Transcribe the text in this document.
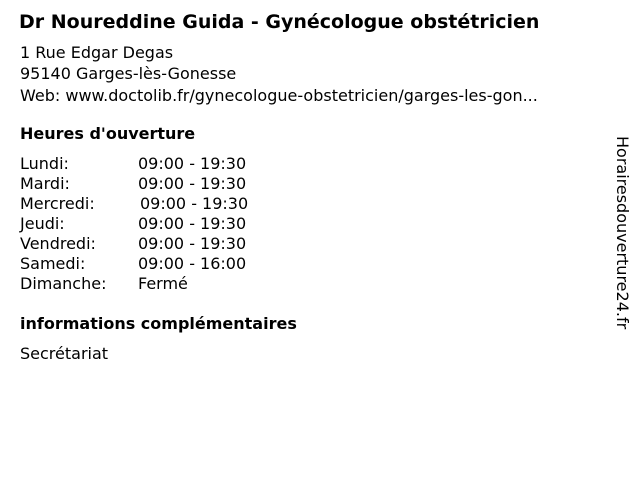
Dr Noureddine Guida - Gynécologue obstétricien
1 Rue Edgar Degas
95140 Garges-lès-Gonesse
Web: www.doctolib.fr/gynecologue-obstetricien/garges-les-gon...
Heures d'ouverture
Lundi:	09:00 - 19:30
Mardi:	09:00 - 19:30
Mercredi:	09:00 - 19:30
Jeudi:	09:00 - 19:30
Vendredi:	09:00 - 19:30
Samedi:	09:00 - 16:00
Dimanche: Fermé
informations complémentaires
Secrétariat
Horairesdouverture24.fr
